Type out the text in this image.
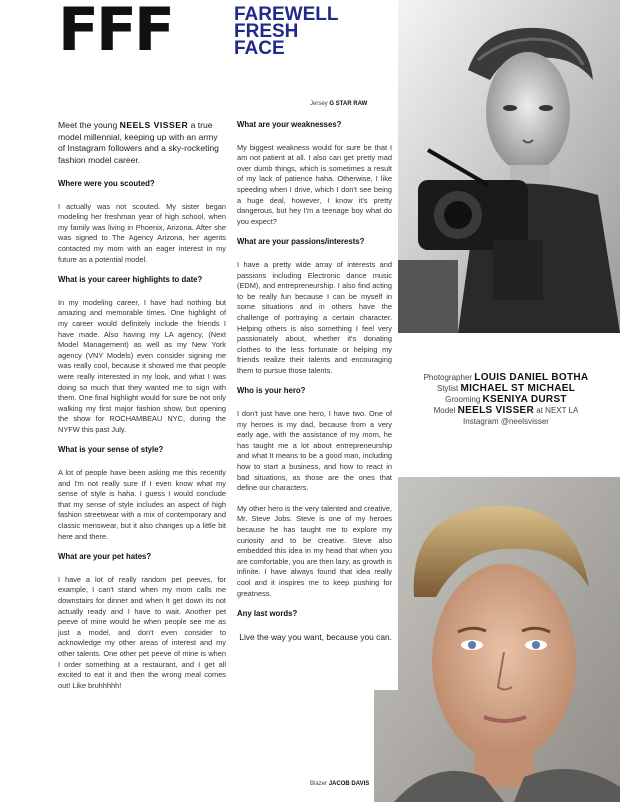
FFF	FAREWELL
FRESH
FACE
Jersey G STAR RAW
Blazer JACOB DAVIS
Photographer LOUIS DANIEL BOTHA
Stylist MICHAEL ST MICHAEL
Grooming KSENIYA DURST
Model NEELS VISSER at NEXT LA
Instagram @neelsvisser

Meet the young NEELS VISSER a true model millennial, keeping up with an army of Instagram followers and a sky-rocketing fashion model career.

Where were you scouted?

I actually was not scouted. My sister began modeling her freshman year of high school, when my family was living in Phoenix, Arizona. After she was signed to The Agency Arizona, her agents contacted my mom with an eager interest in my future as a potential model.

What is your career highlights to date?

In my modeling career, I have had nothing but amazing and memorable times. One highlight of my career would definitely include the friends I have made. Also having my LA agency, (Next Model Management) as well as my New York agency (VNY Models) even consider signing me was really cool, because it showed me that people were really interested in my look, and what I was doing so much that they wanted me to sign with them. One final highlight would for sure be not only walking my first major fashion show, but opening the show for ROCHAMBEAU NYC, during the NYFW this past July.

What is your sense of style?

A lot of people have been asking me this recently and I'm not really sure If I even know what my sense of style is haha. I guess I would conclude that my sense of style includes an aspect of high fashion streetwear with a mix of contemporary and classic menswear, but it also changes up a little bit here and there.

What are your pet hates?

I have a lot of really random pet peeves, for example, I can't stand when my mom calls me downstairs for dinner and when It get down its not actually ready and I have to wait. Another pet peeve of mine would be when people see me as just a model, and don't even consider to acknowledge my other areas of interest and my other talents. One other pet peeve of mine is when I order something at a restaurant, and I get all excited to eat it and then the wrong meal comes out! Like bruhhhhh!

What are your weaknesses?

My biggest weakness would for sure be that I am not patient at all. I also can get pretty mad over dumb things, which is sometimes a result of my lack of patience haha. Otherwise, I like speeding when I drive, which I don't see being a huge deal, however, I know it's pretty dangerous, but hey I'm a teenage boy what do you expect?

What are your passions/interests?

I have a pretty wide array of interests and passions including Electronic dance music (EDM), and entrepreneurship. I also find acting to be really fun because I can be myself in some situations and in others have the challenge of portraying a certain character. Helping others is also something I feel very passionately about, whether it's donating clothes to the less fortunate or helping my friends realize their talents and encouraging them to pursue those talents.

Who is your hero?

I don't just have one hero, I have two. One of my heroes is my dad, because from a very early age, with the assistance of my mom, he has taught me a lot about entrepreneurship and what It means to be a good man, including how to start a business, and how to react in bad situations, as those are the ones that define our characters.

My other hero is the very talented and creative, Mr. Steve Jobs. Steve is one of my heroes because he has taught me to explore my curiosity and to be creative. Steve also embedded this idea in my head that when you are comfortable, you are then lazy, as growth is infinite. I have always found that idea really cool and it inspires me to keep pushing for greatness.

Any last words?

Live the way you want, because you can.
